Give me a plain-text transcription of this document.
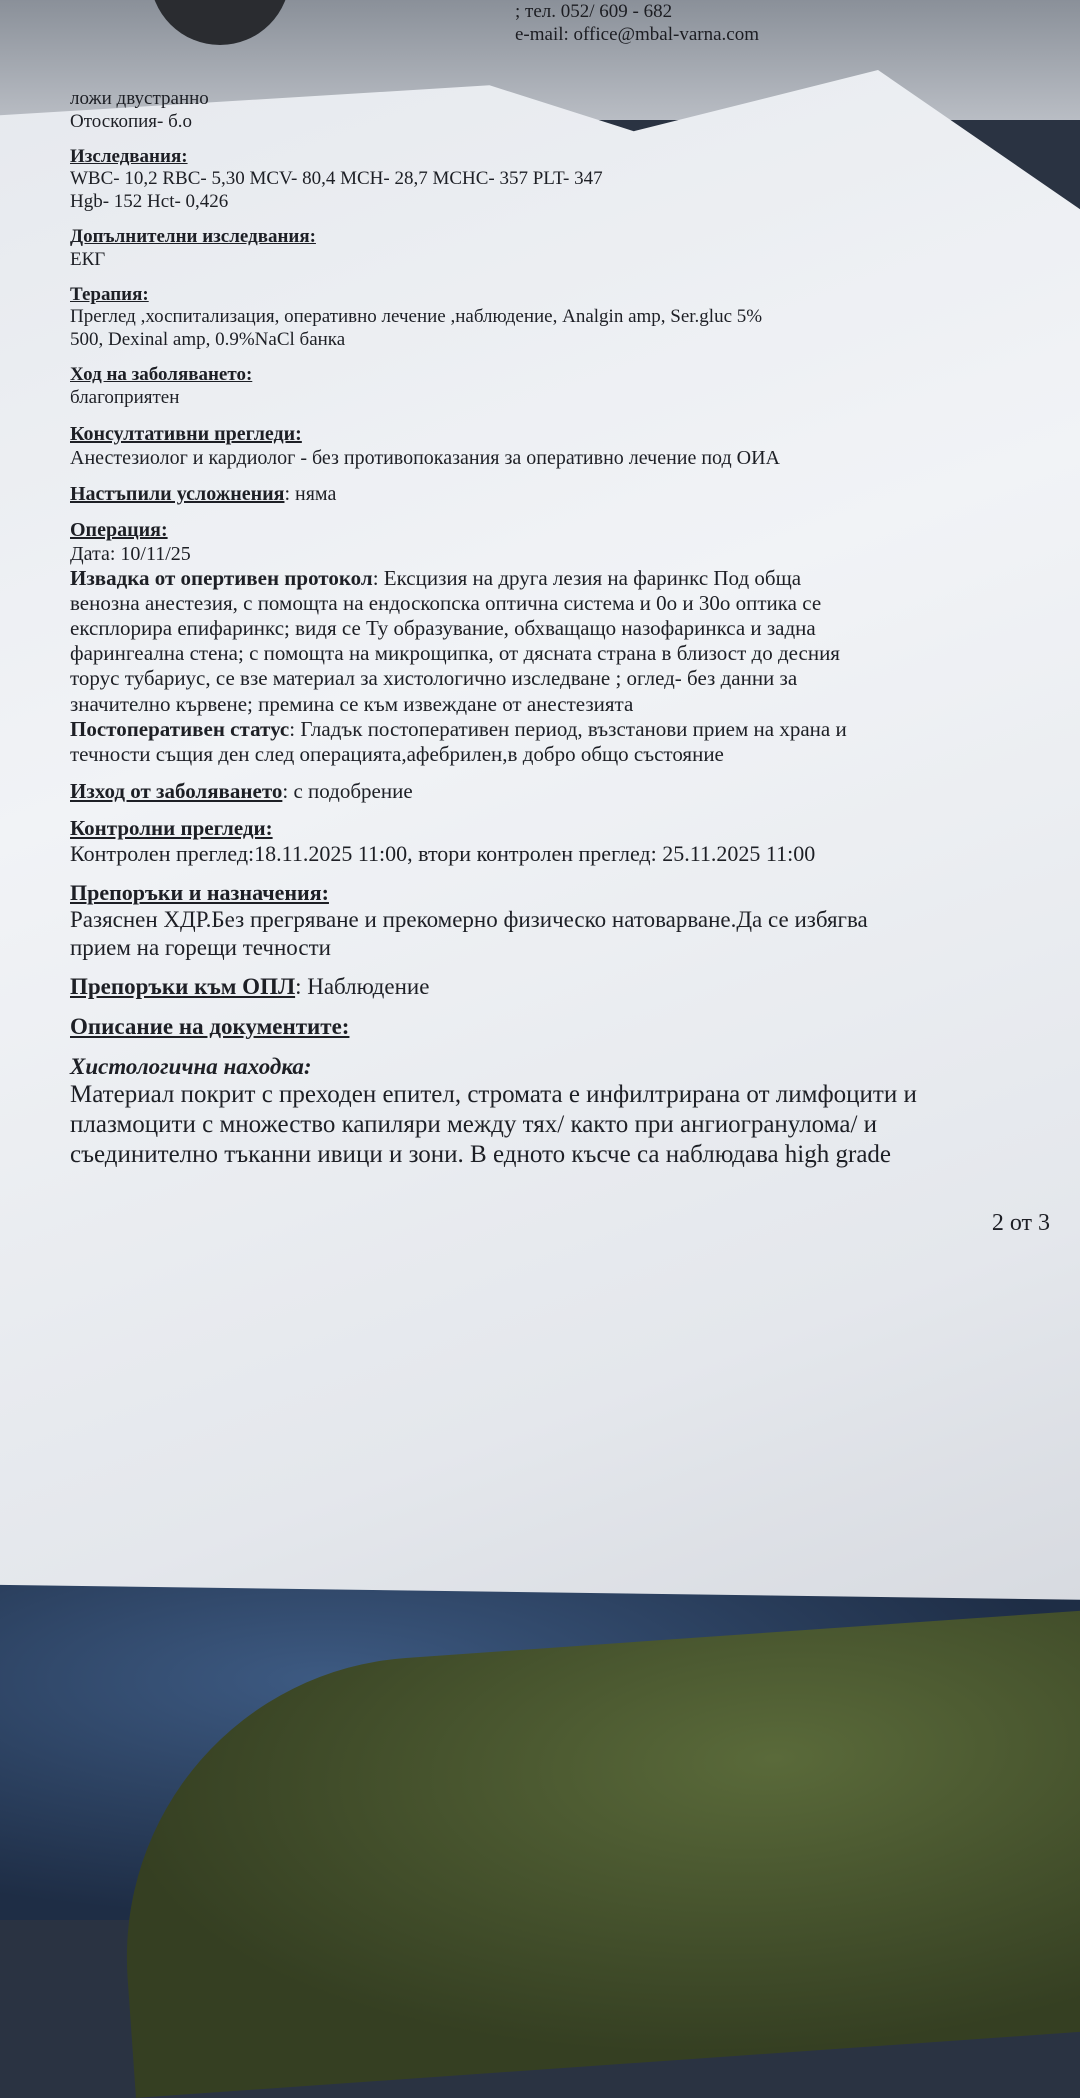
; тел. 052/ 609 - 682
e-mail: office@mbal-varna.com
ложи двустранно
Отоскопия- б.о
Изследвания:
WBC- 10,2 RBC- 5,30 MCV- 80,4 MCH- 28,7 MCHC- 357 PLT- 347
Hgb- 152 Hct- 0,426
Допълнителни изследвания:
ЕКГ
Терапия:
Преглед ,хоспитализация, оперативно лечение ,наблюдение, Analgin amp, Ser.gluc 5%
500, Dexinal amp, 0.9%NaCl банка
Ход на заболяването:
благоприятен
Консултативни прегледи:
Анестезиолог и кардиолог - без противопоказания за оперативно лечение под ОИА
Настъпили усложнения: няма
Операция:
Дата: 10/11/25
Извадка от опертивен протокол: Ексцизия на друга лезия на фаринкс Под обща
венозна анестезия, с помощта на ендоскопска оптична система и 0о и 30о оптика се
експлорира епифаринкс; видя се Ту образувание, обхващащо назофаринкса и задна
фарингеална стена; с помощта на микрощипка, от дясната страна в близост до десния
торус тубариус, се взе материал за хистологично изследване ; оглед- без данни за
значително кървене; премина се към извеждане от анестезията
Постоперативен статус: Гладък постоперативен период, възстанови прием на храна и
течности същия ден след операцията,афебрилен,в добро общо състояние
Изход от заболяването: с подобрение
Контролни прегледи:
Контролен преглед:18.11.2025 11:00, втори контролен преглед: 25.11.2025 11:00
Препоръки и назначения:
Разяснен ХДР.Без прегряване и прекомерно физическо натоварване.Да се избягва
прием на горещи течности
Препоръки към ОПЛ: Наблюдение
Описание на документите:
Хистологична находка:
Материал покрит с преходен епител, стромата е инфилтрирана от лимфоцити и
плазмоцити с множество капиляри между тях/ както при ангиогранулома/ и
съединително тъканни ивици и зони. В едното късче са наблюдава high grade
2 от 3
